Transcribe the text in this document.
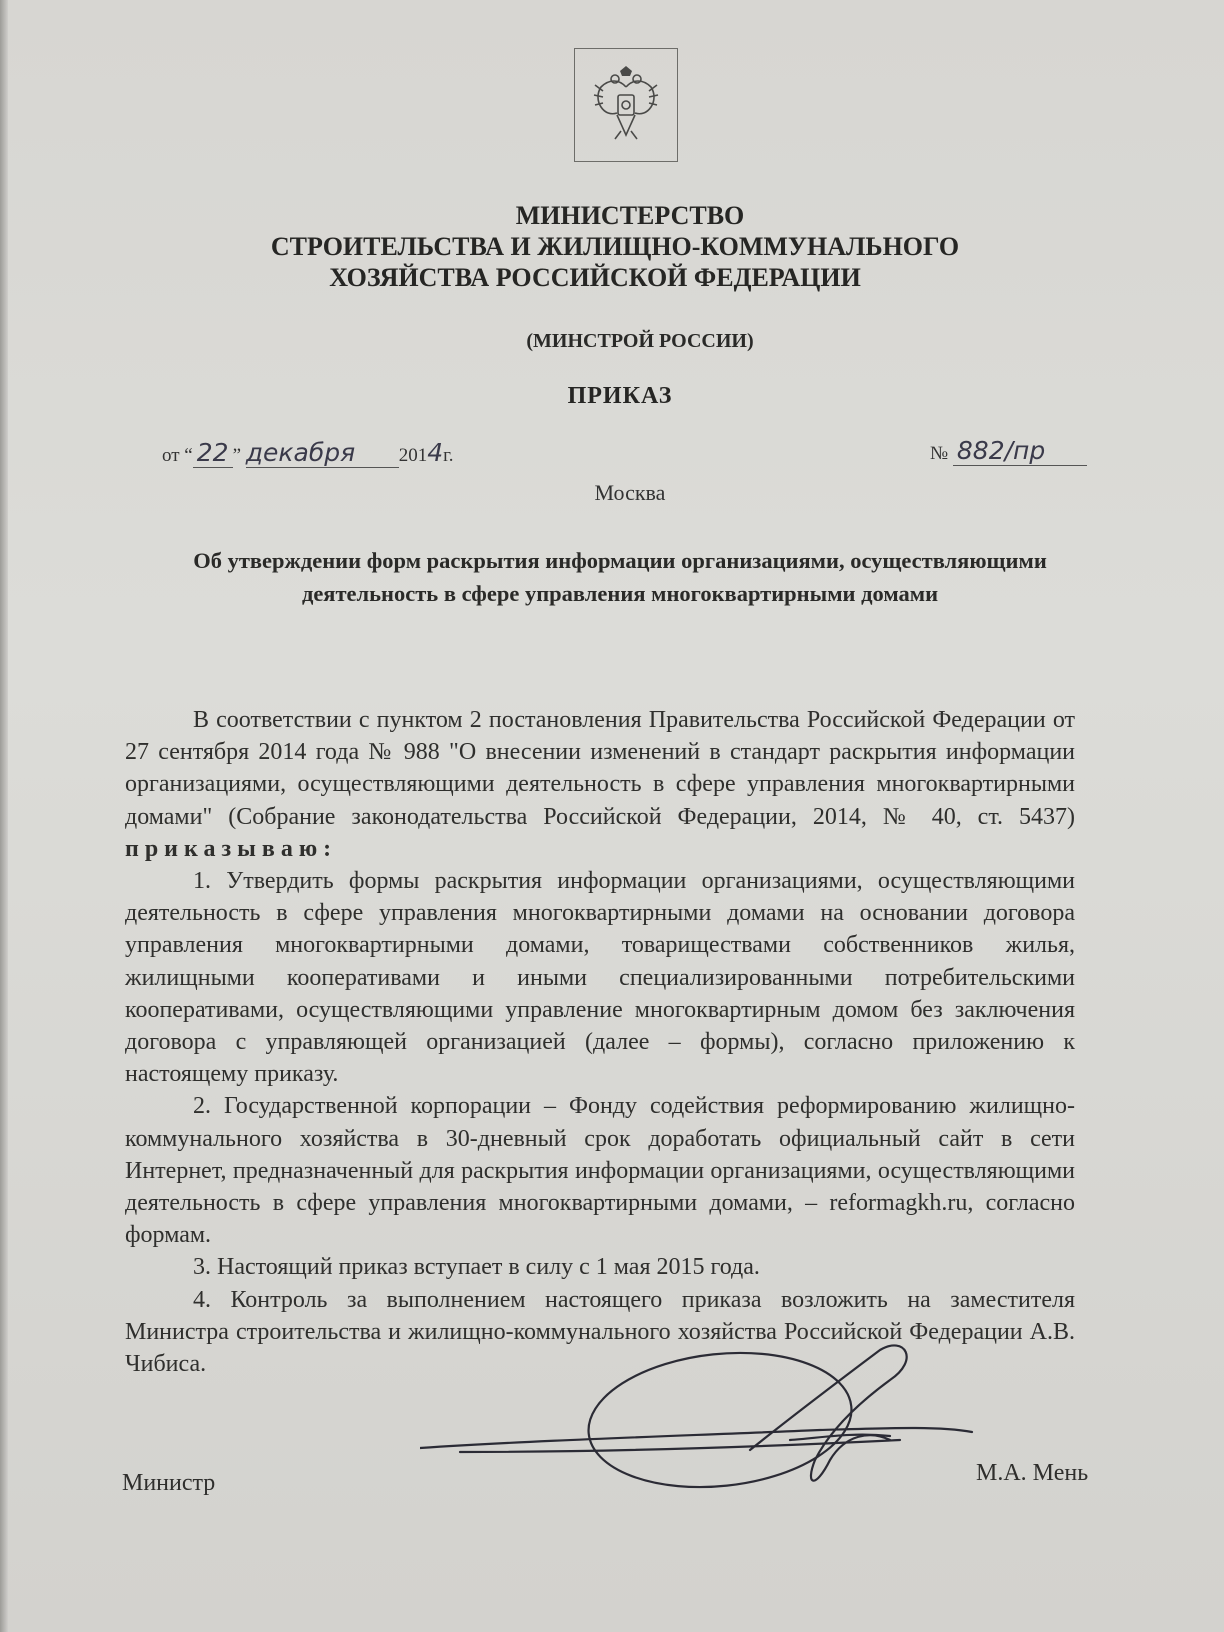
МИНИСТЕРСТВО
СТРОИТЕЛЬСТВА И ЖИЛИЩНО-КОММУНАЛЬНОГО
ХОЗЯЙСТВА РОССИЙСКОЙ ФЕДЕРАЦИИ
(МИНСТРОЙ РОССИИ)
ПРИКАЗ
от “ 22 ” декабря 2014г.	№ 882/пр
Москва
Об утверждении форм раскрытия информации организациями, осуществляющими деятельность в сфере управления многоквартирными домами

В соответствии с пунктом 2 постановления Правительства Российской Федерации от 27 сентября 2014 года № 988 "О внесении изменений в стандарт раскрытия информации организациями, осуществляющими деятельность в сфере управления многоквартирными домами" (Собрание законодательства Российской Федерации, 2014, № 40, ст. 5437) приказываю:

1. Утвердить формы раскрытия информации организациями, осуществляющими деятельность в сфере управления многоквартирными домами на основании договора управления многоквартирными домами, товариществами собственников жилья, жилищными кооперативами и иными специализированными потребительскими кооперативами, осуществляющими управление многоквартирным домом без заключения договора с управляющей организацией (далее – формы), согласно приложению к настоящему приказу.

2. Государственной корпорации – Фонду содействия реформированию жилищно-коммунального хозяйства в 30-дневный срок доработать официальный сайт в сети Интернет, предназначенный для раскрытия информации организациями, осуществляющими деятельность в сфере управления многоквартирными домами, – reformagkh.ru, согласно формам.

3. Настоящий приказ вступает в силу с 1 мая 2015 года.

4. Контроль за выполнением настоящего приказа возложить на заместителя Министра строительства и жилищно-коммунального хозяйства Российской Федерации А.В. Чибиса.

Министр	М.А. Мень
